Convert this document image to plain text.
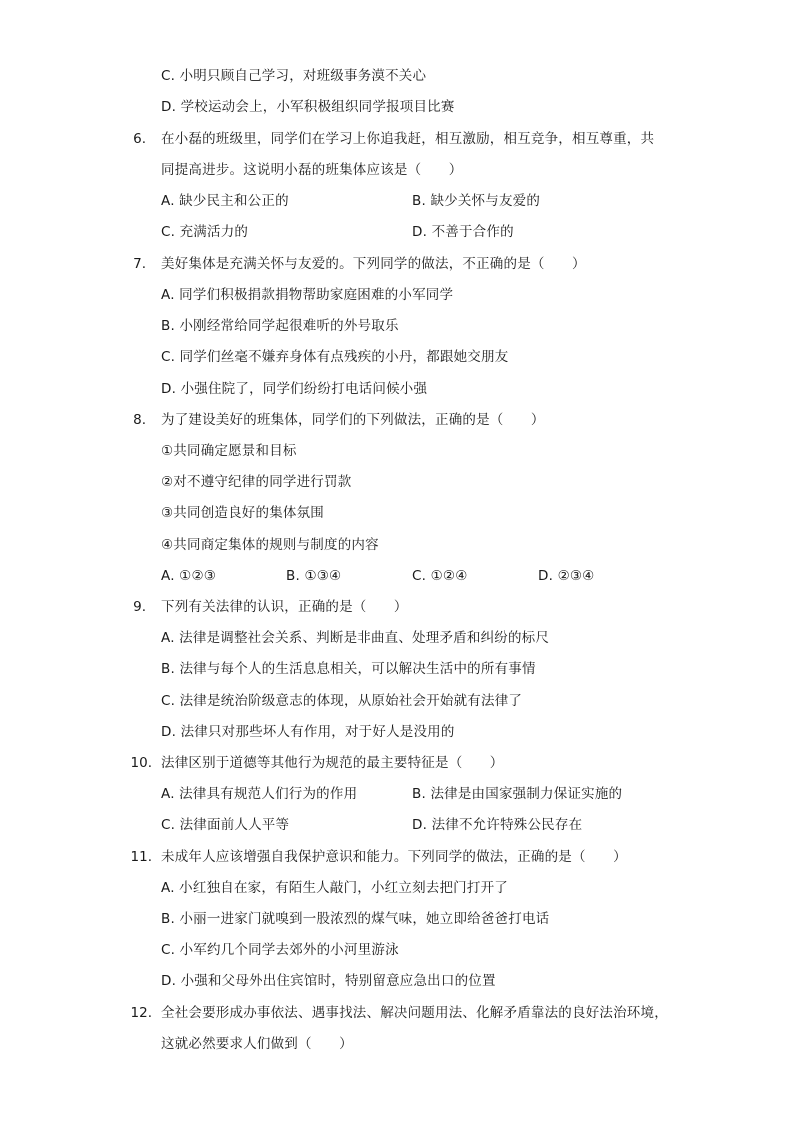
C. 小明只顾自己学习，对班级事务漠不关心
D. 学校运动会上，小军积极组织同学报项目比赛
6. 在小磊的班级里，同学们在学习上你追我赶，相互激励，相互竞争，相互尊重，共
同提高进步。这说明小磊的班集体应该是（　　）
A. 缺少民主和公正的	B. 缺少关怀与友爱的
C. 充满活力的	D. 不善于合作的
7. 美好集体是充满关怀与友爱的。下列同学的做法，不正确的是（　　）
A. 同学们积极捐款捐物帮助家庭困难的小军同学
B. 小刚经常给同学起很难听的外号取乐
C. 同学们丝毫不嫌弃身体有点残疾的小丹，都跟她交朋友
D. 小强住院了，同学们纷纷打电话问候小强
8. 为了建设美好的班集体，同学们的下列做法，正确的是（　　）
①共同确定愿景和目标
②对不遵守纪律的同学进行罚款
③共同创造良好的集体氛围
④共同商定集体的规则与制度的内容
A. ①②③	B. ①③④	C. ①②④	D. ②③④
9. 下列有关法律的认识，正确的是（　　）
A. 法律是调整社会关系、判断是非曲直、处理矛盾和纠纷的标尺
B. 法律与每个人的生活息息相关，可以解决生活中的所有事情
C. 法律是统治阶级意志的体现，从原始社会开始就有法律了
D. 法律只对那些坏人有作用，对于好人是没用的
10. 法律区别于道德等其他行为规范的最主要特征是（　　）
A. 法律具有规范人们行为的作用	B. 法律是由国家强制力保证实施的
C. 法律面前人人平等	D. 法律不允许特殊公民存在
11. 未成年人应该增强自我保护意识和能力。下列同学的做法，正确的是（　　）
A. 小红独自在家，有陌生人敲门，小红立刻去把门打开了
B. 小丽一进家门就嗅到一股浓烈的煤气味，她立即给爸爸打电话
C. 小军约几个同学去郊外的小河里游泳
D. 小强和父母外出住宾馆时，特别留意应急出口的位置
12. 全社会要形成办事依法、遇事找法、解决问题用法、化解矛盾靠法的良好法治环境，
这就必然要求人们做到（　　）
